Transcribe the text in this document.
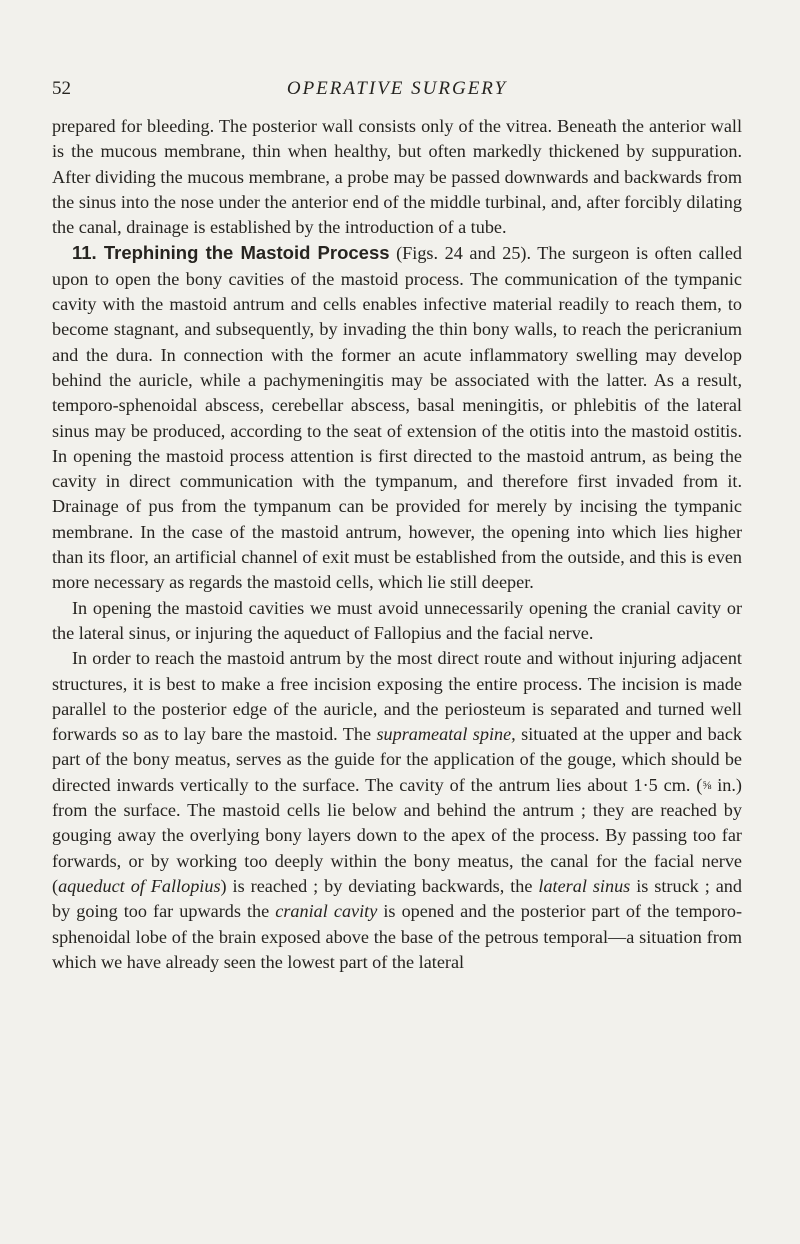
52	OPERATIVE SURGERY

prepared for bleeding. The posterior wall consists only of the vitrea. Beneath the anterior wall is the mucous membrane, thin when healthy, but often markedly thickened by suppuration. After dividing the mucous membrane, a probe may be passed downwards and backwards from the sinus into the nose under the anterior end of the middle turbinal, and, after forcibly dilating the canal, drainage is established by the introduction of a tube.

11. Trephining the Mastoid Process (Figs. 24 and 25). The surgeon is often called upon to open the bony cavities of the mastoid process. The communication of the tympanic cavity with the mastoid antrum and cells enables infective material readily to reach them, to become stagnant, and subsequently, by invading the thin bony walls, to reach the pericranium and the dura. In connection with the former an acute inflammatory swelling may develop behind the auricle, while a pachymeningitis may be associated with the latter. As a result, temporo-sphenoidal abscess, cerebellar abscess, basal meningitis, or phlebitis of the lateral sinus may be produced, according to the seat of extension of the otitis into the mastoid ostitis. In opening the mastoid process attention is first directed to the mastoid antrum, as being the cavity in direct communication with the tympanum, and therefore first invaded from it. Drainage of pus from the tympanum can be provided for merely by incising the tympanic membrane. In the case of the mastoid antrum, however, the opening into which lies higher than its floor, an artificial channel of exit must be established from the outside, and this is even more necessary as regards the mastoid cells, which lie still deeper.

In opening the mastoid cavities we must avoid unnecessarily opening the cranial cavity or the lateral sinus, or injuring the aqueduct of Fallopius and the facial nerve.

In order to reach the mastoid antrum by the most direct route and without injuring adjacent structures, it is best to make a free incision exposing the entire process. The incision is made parallel to the posterior edge of the auricle, and the periosteum is separated and turned well forwards so as to lay bare the mastoid. The suprameatal spine, situated at the upper and back part of the bony meatus, serves as the guide for the application of the gouge, which should be directed inwards vertically to the surface. The cavity of the antrum lies about 1·5 cm. (⅝ in.) from the surface. The mastoid cells lie below and behind the antrum ; they are reached by gouging away the overlying bony layers down to the apex of the process. By passing too far forwards, or by working too deeply within the bony meatus, the canal for the facial nerve (aqueduct of Fallopius) is reached ; by deviating backwards, the lateral sinus is struck ; and by going too far upwards the cranial cavity is opened and the posterior part of the temporo-sphenoidal lobe of the brain exposed above the base of the petrous temporal—a situation from which we have already seen the lowest part of the lateral
